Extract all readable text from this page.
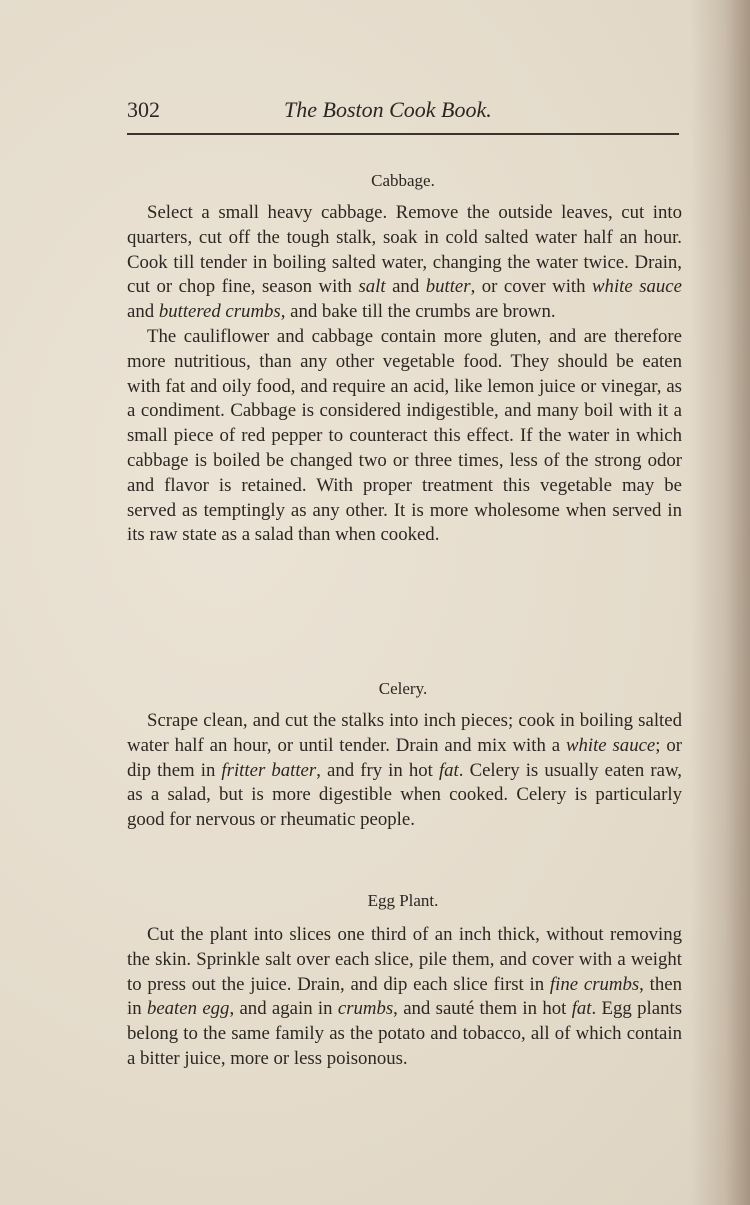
302	The Boston Cook Book.
Cabbage.

Select a small heavy cabbage. Remove the outside leaves, cut into quarters, cut off the tough stalk, soak in cold salted water half an hour. Cook till tender in boiling salted water, changing the water twice. Drain, cut or chop fine, season with salt and butter, or cover with white sauce and buttered crumbs, and bake till the crumbs are brown.

The cauliflower and cabbage contain more gluten, and are therefore more nutritious, than any other vegetable food. They should be eaten with fat and oily food, and require an acid, like lemon juice or vinegar, as a condiment. Cabbage is considered indigestible, and many boil with it a small piece of red pepper to counteract this effect. If the water in which cabbage is boiled be changed two or three times, less of the strong odor and flavor is retained. With proper treatment this vegetable may be served as temptingly as any other. It is more wholesome when served in its raw state as a salad than when cooked.

Celery.

Scrape clean, and cut the stalks into inch pieces; cook in boiling salted water half an hour, or until tender. Drain and mix with a white sauce; or dip them in fritter batter, and fry in hot fat. Celery is usually eaten raw, as a salad, but is more digestible when cooked. Celery is particularly good for nervous or rheumatic people.

Egg Plant.

Cut the plant into slices one third of an inch thick, without removing the skin. Sprinkle salt over each slice, pile them, and cover with a weight to press out the juice. Drain, and dip each slice first in fine crumbs, then in beaten egg, and again in crumbs, and sauté them in hot fat. Egg plants belong to the same family as the potato and tobacco, all of which contain a bitter juice, more or less poisonous.
